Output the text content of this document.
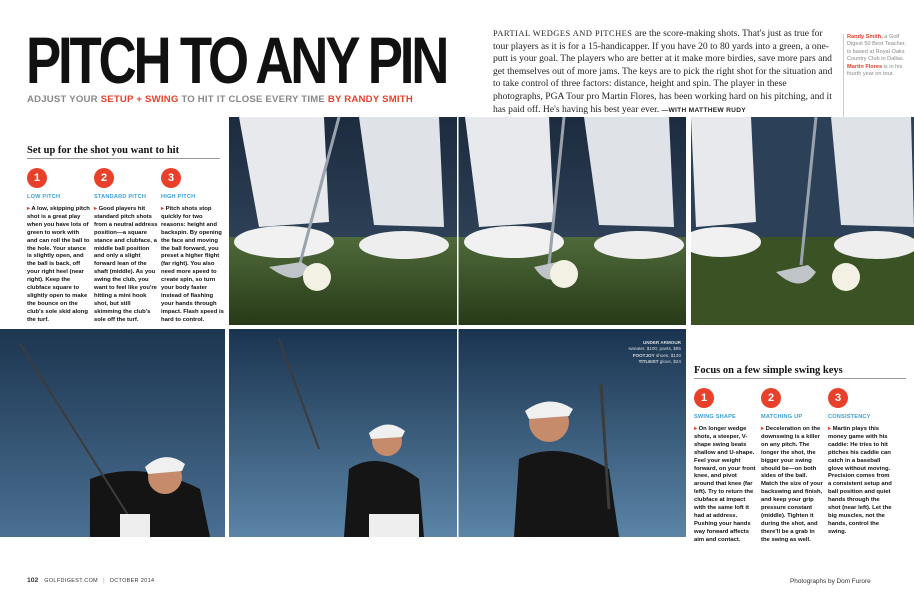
PITCH TO ANY PIN
ADJUST YOUR SETUP + SWING TO HIT IT CLOSE EVERY TIME BY RANDY SMITH
PARTIAL WEDGES AND PITCHES are the score-making shots. That's just as true for tour players as it is for a 15-handicapper. If you have 20 to 80 yards into a green, a one-putt is your goal. The players who are better at it make more birdies, save more pars and get themselves out of more jams. The keys are to pick the right shot for the situation and to take control of three factors: distance, height and spin. The player in these photographs, PGA Tour pro Martin Flores, has been working hard on his pitching, and it has paid off. He's having his best year ever. —WITH MATTHEW RUDY
Randy Smith, a Golf Digest 50 Best Teacher, is based at Royal Oaks Country Club in Dallas.
Martin Flores is in his fourth year on tour.
Set up for the shot you want to hit
1
LOW PITCH
▸ A low, skipping pitch shot is a great play when you have lots of green to work with and can roll the ball to the hole. Your stance is slightly open, and the ball is back, off your right heel (near right). Keep the clubface square to slightly open to make the bounce on the club's sole skid along the turf.
2
STANDARD PITCH
▸ Good players hit standard pitch shots from a neutral address position—a square stance and clubface, a middle ball position and only a slight forward lean of the shaft (middle). As you swing the club, you want to feel like you're hitting a mini hook shot, but still skimming the club's sole off the turf.
3
HIGH PITCH
▸ Pitch shots stop quickly for two reasons: height and backspin. By opening the face and moving the ball forward, you preset a higher flight (far right). You also need more speed to create spin, so turn your body faster instead of flashing your hands through impact. Flash speed is hard to control.
UNDER ARMOUR
sweater, $100; pants, $85
FOOTJOY shoes, $130
TITLEIST glove, $24
Focus on a few simple swing keys
1
SWING SHAPE
▸ On longer wedge shots, a steeper, V-shape swing beats shallow and U-shape. Feel your weight forward, on your front knee, and pivot around that knee (far left). Try to return the clubface at impact with the same loft it had at address. Pushing your hands way forward affects aim and contact.
2
MATCHING UP
▸ Deceleration on the downswing is a killer on any pitch. The longer the shot, the bigger your swing should be—on both sides of the ball. Match the size of your backswing and finish, and keep your grip pressure constant (middle). Tighten it during the shot, and there'll be a grab in the swing as well.
3
CONSISTENCY
▸ Martin plays this money game with his caddie: He tries to hit pitches his caddie can catch in a baseball glove without moving. Precision comes from a consistent setup and ball position and quiet hands through the shot (near left). Let the big muscles, not the hands, control the swing.
102 GOLFDIGEST.COM | OCTOBER 2014	Photographs by Dom Furore
